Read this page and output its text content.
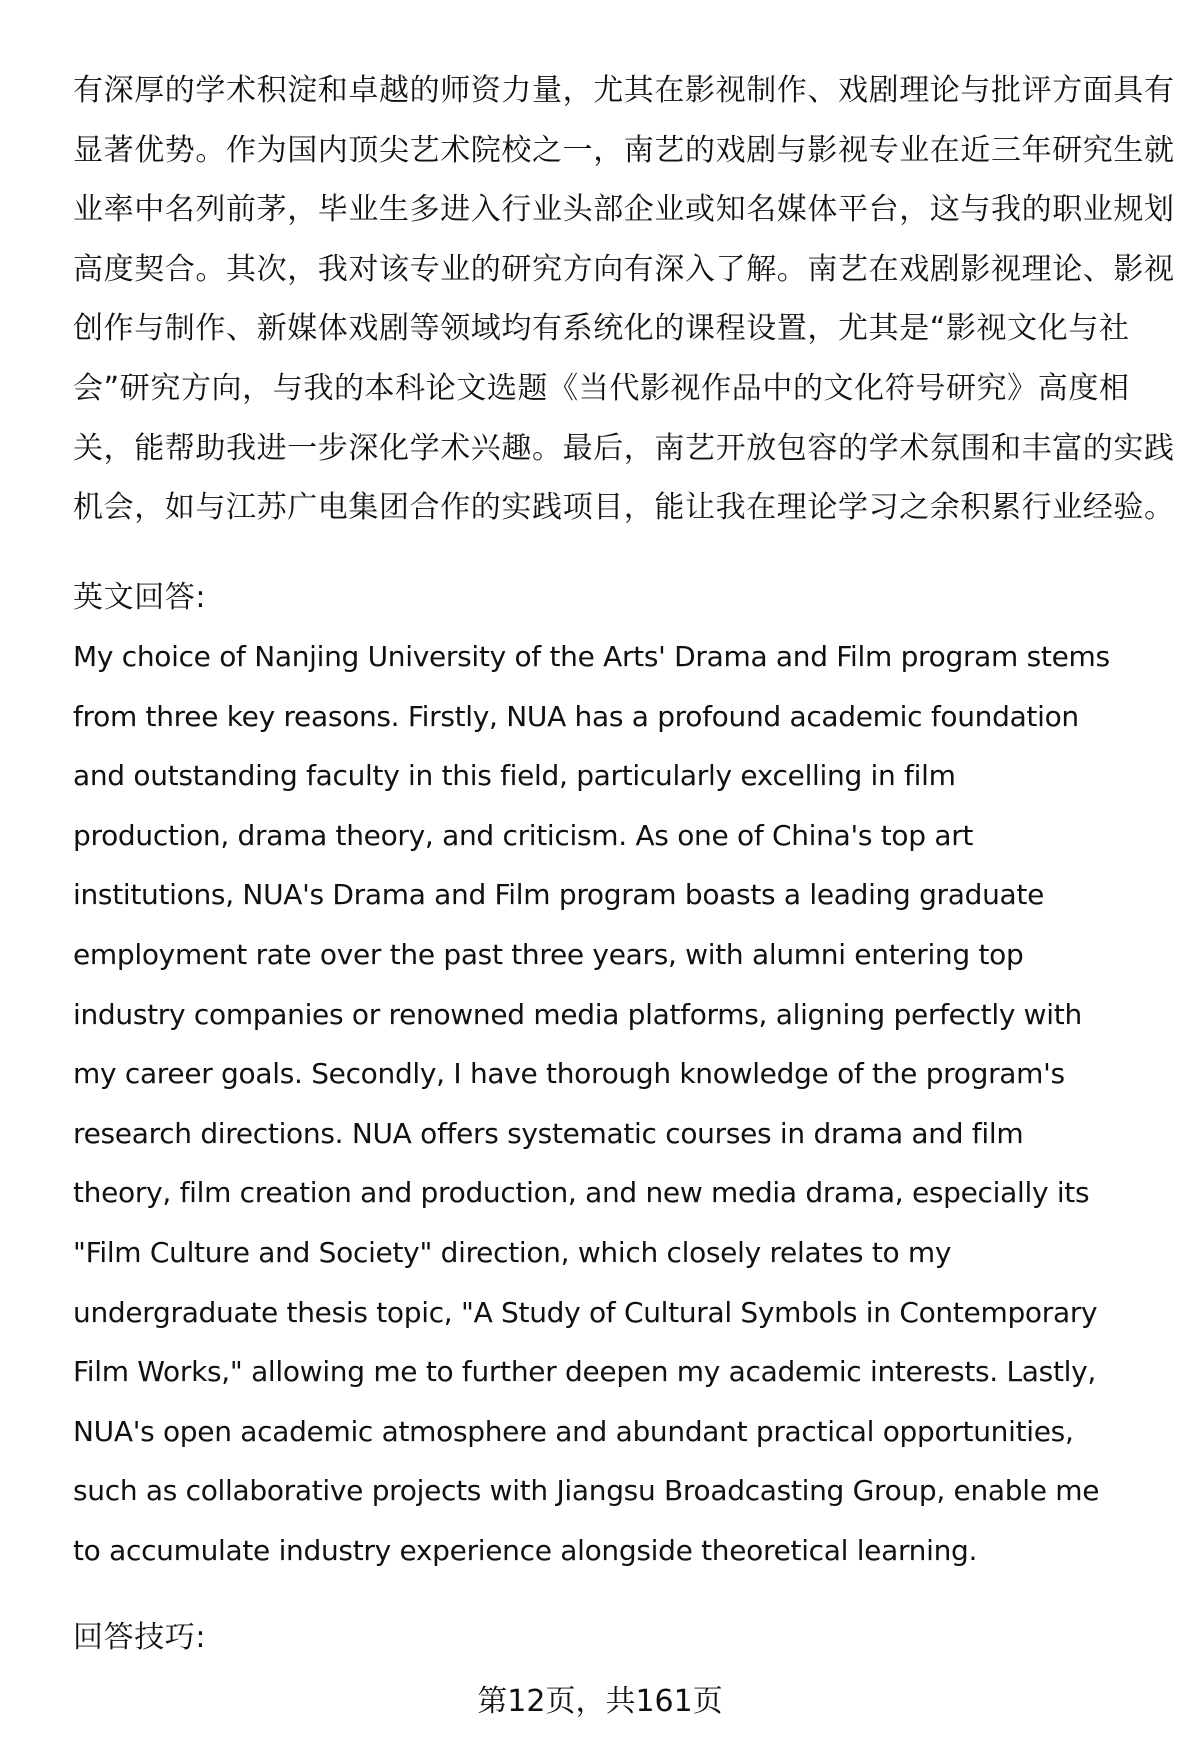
有深厚的学术积淀和卓越的师资力量，尤其在影视制作、戏剧理论与批评方面具有
显著优势。作为国内顶尖艺术院校之一，南艺的戏剧与影视专业在近三年研究生就
业率中名列前茅，毕业生多进入行业头部企业或知名媒体平台，这与我的职业规划
高度契合。其次，我对该专业的研究方向有深入了解。南艺在戏剧影视理论、影视
创作与制作、新媒体戏剧等领域均有系统化的课程设置，尤其是“影视文化与社
会”研究方向，与我的本科论文选题《当代影视作品中的文化符号研究》高度相
关，能帮助我进一步深化学术兴趣。最后，南艺开放包容的学术氛围和丰富的实践
机会，如与江苏广电集团合作的实践项目，能让我在理论学习之余积累行业经验。
英文回答:
My choice of Nanjing University of the Arts' Drama and Film program stems
from three key reasons. Firstly, NUA has a profound academic foundation
and outstanding faculty in this field, particularly excelling in film
production, drama theory, and criticism. As one of China's top art
institutions, NUA's Drama and Film program boasts a leading graduate
employment rate over the past three years, with alumni entering top
industry companies or renowned media platforms, aligning perfectly with
my career goals. Secondly, I have thorough knowledge of the program's
research directions. NUA offers systematic courses in drama and film
theory, film creation and production, and new media drama, especially its
"Film Culture and Society" direction, which closely relates to my
undergraduate thesis topic, "A Study of Cultural Symbols in Contemporary
Film Works," allowing me to further deepen my academic interests. Lastly,
NUA's open academic atmosphere and abundant practical opportunities,
such as collaborative projects with Jiangsu Broadcasting Group, enable me
to accumulate industry experience alongside theoretical learning.
回答技巧:
第12页，共161页
